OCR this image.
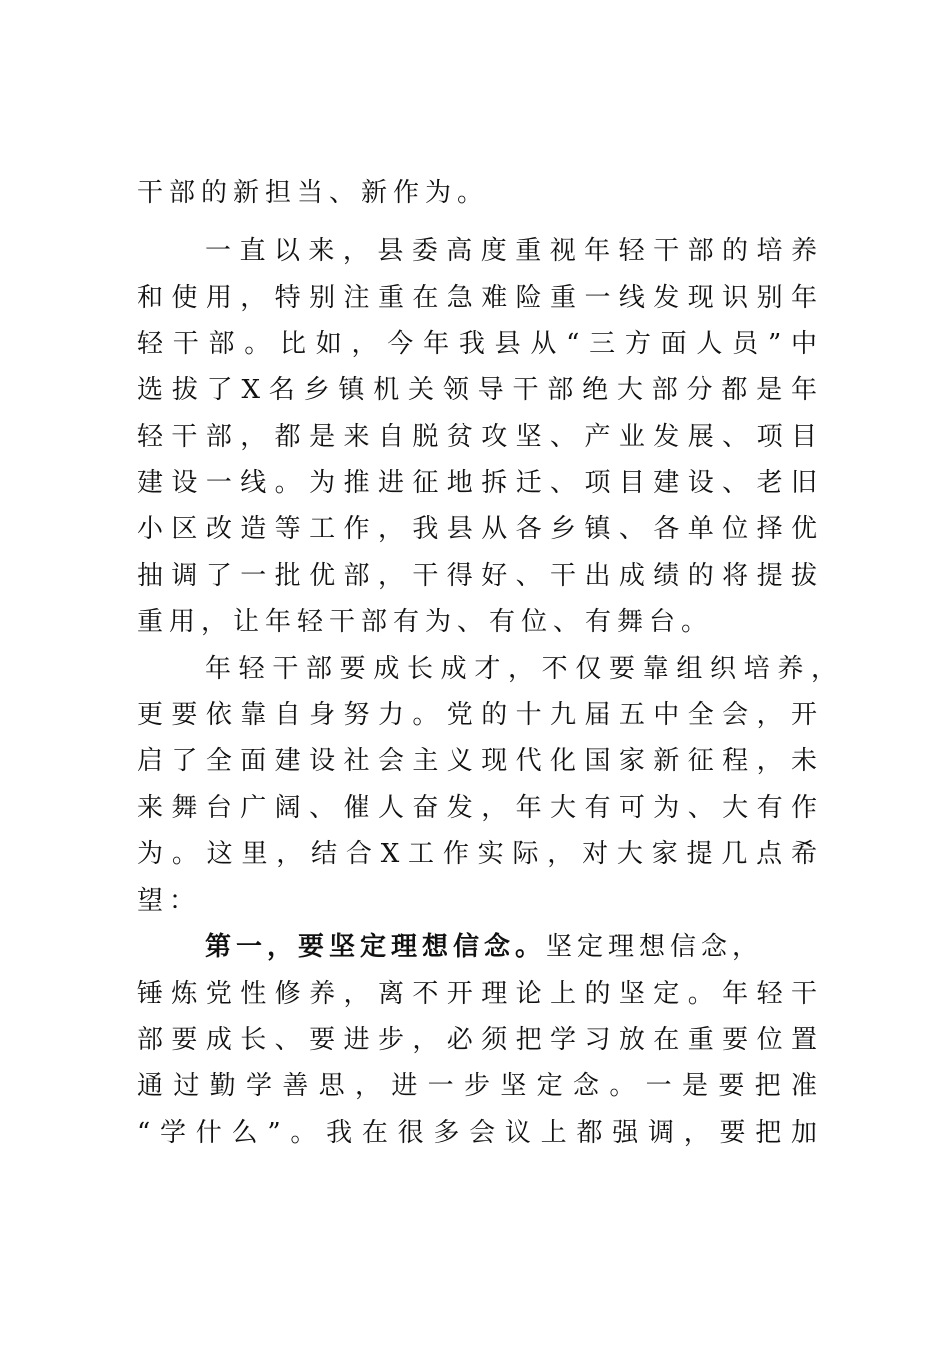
干部的新担当、新作为。
一直以来，县委高度重视年轻干部的培养
和使用，特别注重在急难险重一线发现识别年
轻干部。比如，今年我县从“三方面人员”中
选拔了X名乡镇机关领导干部绝大部分都是年
轻干部，都是来自脱贫攻坚、产业发展、项目
建设一线。为推进征地拆迁、项目建设、老旧
小区改造等工作，我县从各乡镇、各单位择优
抽调了一批优部，干得好、干出成绩的将提拔
重用，让年轻干部有为、有位、有舞台。
年轻干部要成长成才，不仅要靠组织培养，
更要依靠自身努力。党的十九届五中全会，开
启了全面建设社会主义现代化国家新征程，未
来舞台广阔、催人奋发，年大有可为、大有作
为。这里，结合X工作实际，对大家提几点希
望：
第一，要坚定理想信念。坚定理想信念，
锤炼党性修养，离不开理论上的坚定。年轻干
部要成长、要进步，必须把学习放在重要位置
通过勤学善思，进一步坚定念。一是要把准
“学什么”。我在很多会议上都强调，要把加
